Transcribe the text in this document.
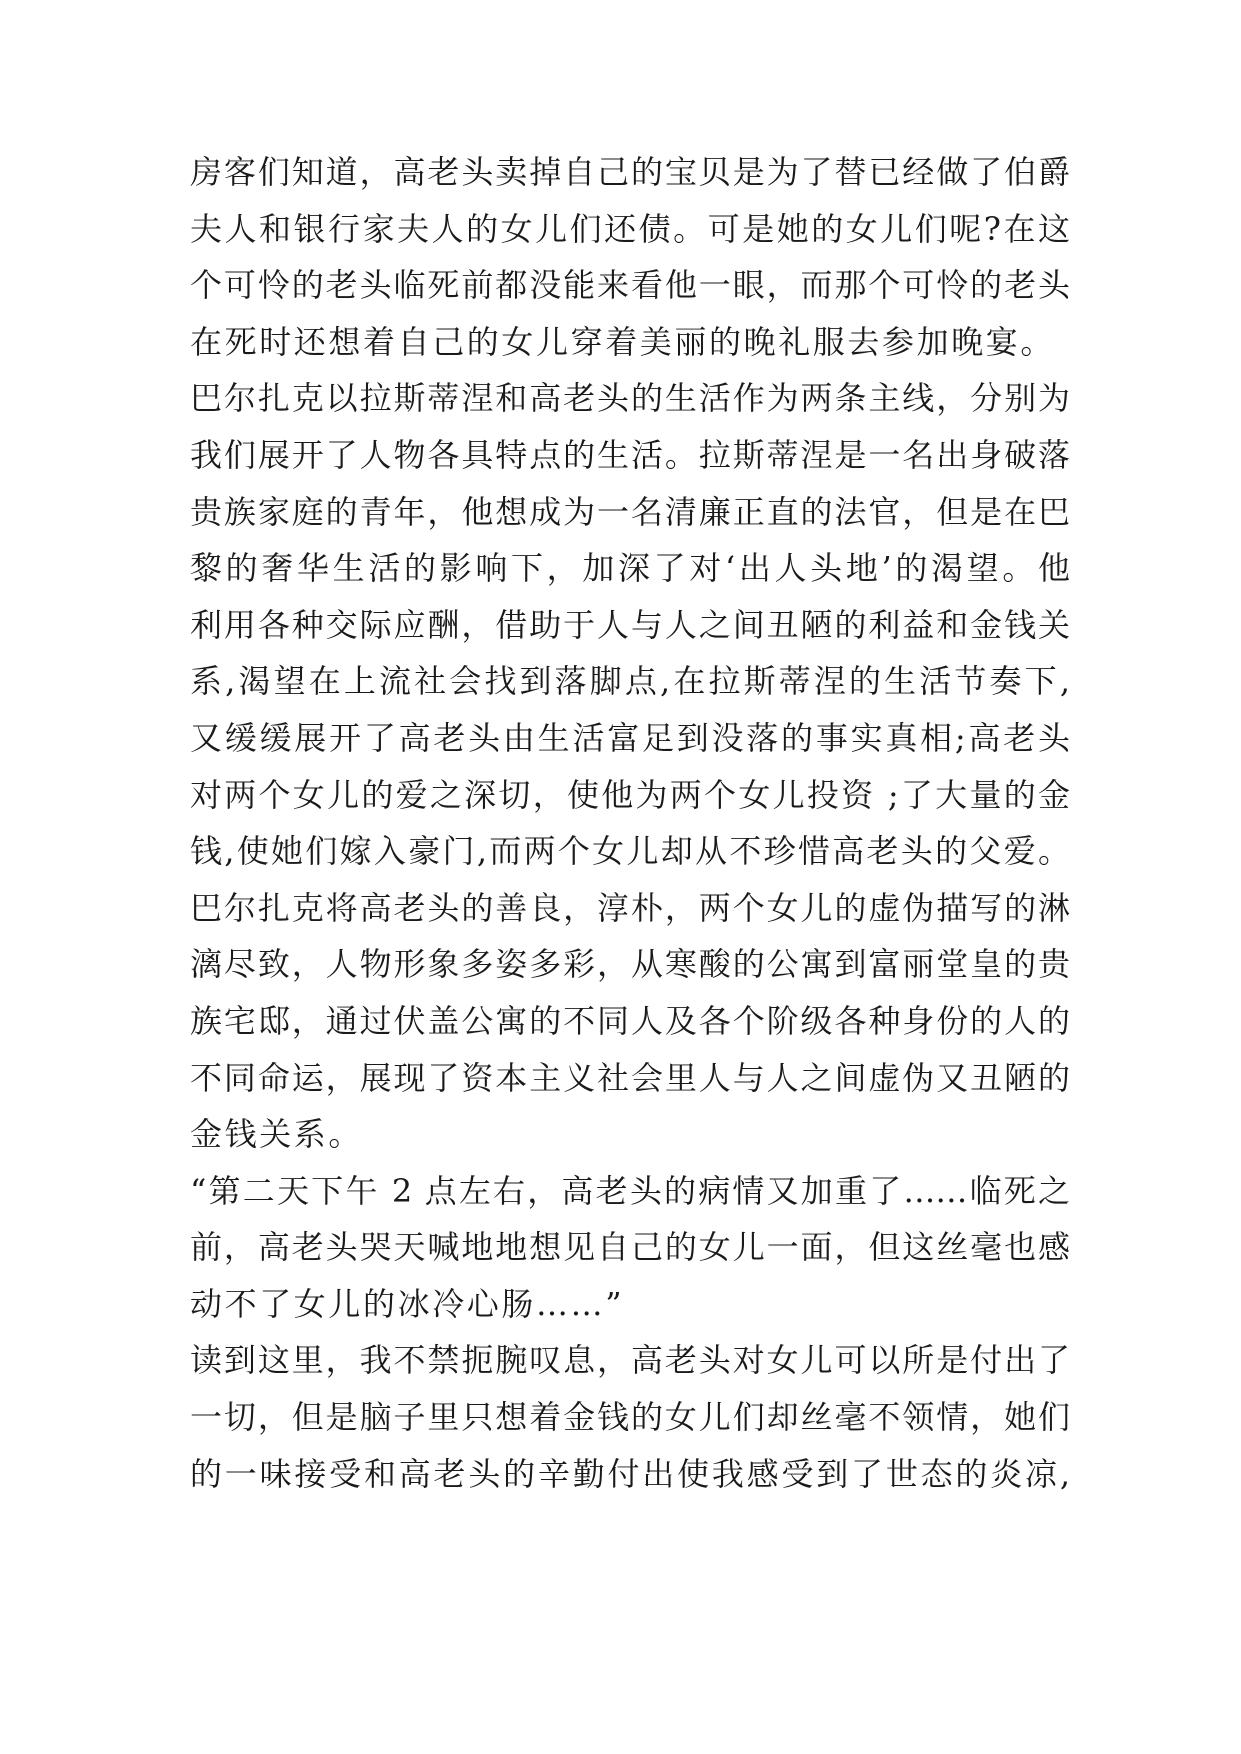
房客们知道，高老头卖掉自己的宝贝是为了替已经做了伯爵
夫人和银行家夫人的女儿们还债。可是她的女儿们呢?在这
个可怜的老头临死前都没能来看他一眼，而那个可怜的老头
在死时还想着自己的女儿穿着美丽的晚礼服去参加晚宴。
巴尔扎克以拉斯蒂涅和高老头的生活作为两条主线，分别为
我们展开了人物各具特点的生活。拉斯蒂涅是一名出身破落
贵族家庭的青年，他想成为一名清廉正直的法官，但是在巴
黎的奢华生活的影响下，加深了对‘出人头地’的渴望。他
利用各种交际应酬，借助于人与人之间丑陋的利益和金钱关
系,渴望在上流社会找到落脚点,在拉斯蒂涅的生活节奏下,
又缓缓展开了高老头由生活富足到没落的事实真相;高老头
对两个女儿的爱之深切，使他为两个女儿投资 ;了大量的金
钱,使她们嫁入豪门,而两个女儿却从不珍惜高老头的父爱。
巴尔扎克将高老头的善良，淳朴，两个女儿的虚伪描写的淋
漓尽致，人物形象多姿多彩，从寒酸的公寓到富丽堂皇的贵
族宅邸，通过伏盖公寓的不同人及各个阶级各种身份的人的
不同命运，展现了资本主义社会里人与人之间虚伪又丑陋的
金钱关系。
“第二天下午 2 点左右，高老头的病情又加重了……临死之
前，高老头哭天喊地地想见自己的女儿一面，但这丝毫也感
动不了女儿的冰冷心肠……”
读到这里，我不禁扼腕叹息，高老头对女儿可以所是付出了
一切，但是脑子里只想着金钱的女儿们却丝毫不领情，她们
的一味接受和高老头的辛勤付出使我感受到了世态的炎凉,
